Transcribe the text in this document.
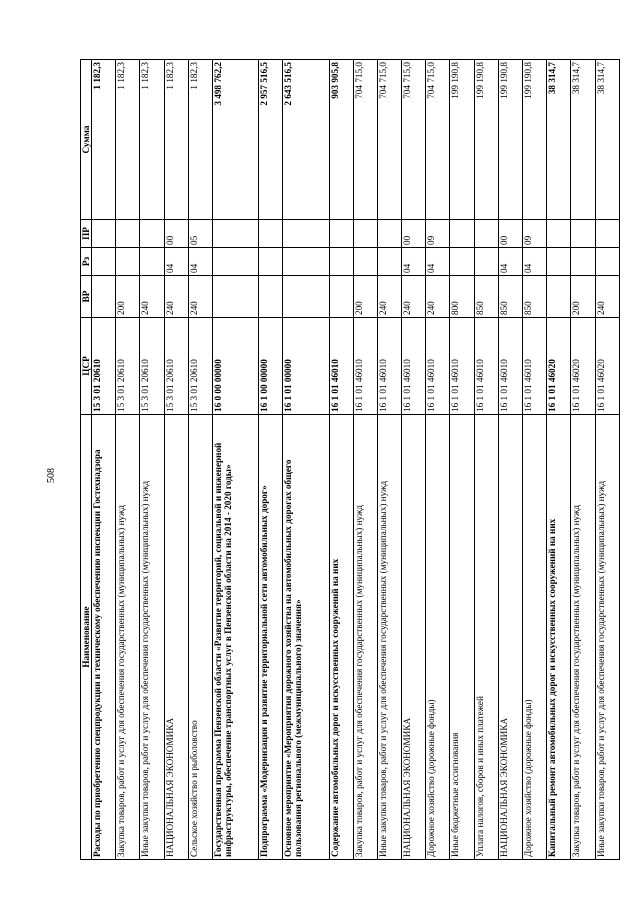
508
Наименование	ЦСР	ВР	Рз	ПР	Сумма
Расходы по приобретению спецпродукции и техническому обеспечению инспекции Гостехнадзора	15 3 01 20610				1 182,3
Закупка товаров, работ и услуг для обеспечения государственных (муниципальных) нужд	15 3 01 20610	200			1 182,3
Иные закупки товаров, работ и услуг для обеспечения государственных (муниципальных) нужд	15 3 01 20610	240			1 182,3
НАЦИОНАЛЬНАЯ ЭКОНОМИКА	15 3 01 20610	240	04	00	1 182,3
Сельское хозяйство и рыболовство	15 3 01 20610	240	04	05	1 182,3
Государственная программа Пензенской области «Развитие территорий, социальной и инженерной инфраструктуры, обеспечение транспортных услуг в Пензенской области на 2014 - 2020 годы»	16 0 00 00000				3 498 762,2
Подпрограмма «Модернизация и развитие территориальной сети автомобильных дорог»	16 1 00 00000				2 957 516,5
Основное мероприятие «Мероприятия дорожного хозяйства на автомобильных дорогах общего пользования регионального (межмуниципального) значения»	16 1 01 00000				2 643 516,5
Содержание автомобильных дорог и искусственных сооружений на них	16 1 01 46010				903 905,8
Закупка товаров, работ и услуг для обеспечения государственных (муниципальных) нужд	16 1 01 46010	200			704 715,0
Иные закупки товаров, работ и услуг для обеспечения государственных (муниципальных) нужд	16 1 01 46010	240			704 715,0
НАЦИОНАЛЬНАЯ ЭКОНОМИКА	16 1 01 46010	240	04	00	704 715,0
Дорожное хозяйство (дорожные фонды)	16 1 01 46010	240	04	09	704 715,0
Иные бюджетные ассигнования	16 1 01 46010	800			199 190,8
Уплата налогов, сборов и иных платежей	16 1 01 46010	850			199 190,8
НАЦИОНАЛЬНАЯ ЭКОНОМИКА	16 1 01 46010	850	04	00	199 190,8
Дорожное хозяйство (дорожные фонды)	16 1 01 46010	850	04	09	199 190,8
Капитальный ремонт автомобильных дорог и искусственных сооружений на них	16 1 01 46020				38 314,7
Закупка товаров, работ и услуг для обеспечения государственных (муниципальных) нужд	16 1 01 46020	200			38 314,7
Иные закупки товаров, работ и услуг для обеспечения государственных (муниципальных) нужд	16 1 01 46020	240			38 314,7
